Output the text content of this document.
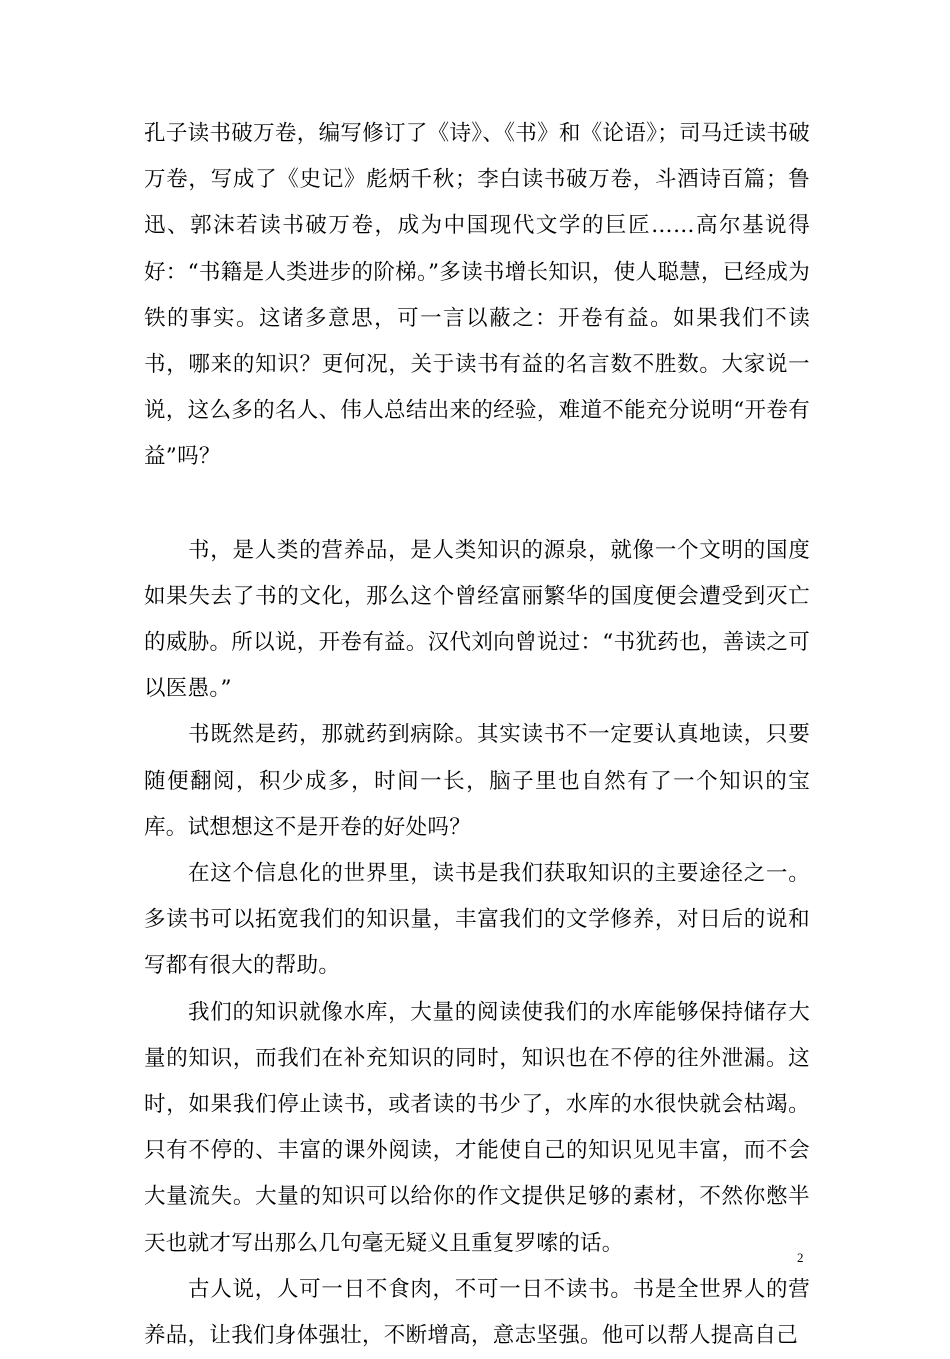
孔子读书破万卷，编写修订了《诗》、《书》和《论语》；司马迁读书破万卷，写成了《史记》彪炳千秋；李白读书破万卷，斗酒诗百篇；鲁迅、郭沫若读书破万卷，成为中国现代文学的巨匠……高尔基说得好：“书籍是人类进步的阶梯。”多读书增长知识，使人聪慧，已经成为铁的事实。这诸多意思，可一言以蔽之：开卷有益。如果我们不读书，哪来的知识？更何况，关于读书有益的名言数不胜数。大家说一说，这么多的名人、伟人总结出来的经验，难道不能充分说明“开卷有益”吗？

书，是人类的营养品，是人类知识的源泉，就像一个文明的国度如果失去了书的文化，那么这个曾经富丽繁华的国度便会遭受到灭亡的威胁。所以说，开卷有益。汉代刘向曾说过：“书犹药也，善读之可以医愚。”

书既然是药，那就药到病除。其实读书不一定要认真地读，只要随便翻阅，积少成多，时间一长，脑子里也自然有了一个知识的宝库。试想想这不是开卷的好处吗？

在这个信息化的世界里，读书是我们获取知识的主要途径之一。多读书可以拓宽我们的知识量，丰富我们的文学修养，对日后的说和写都有很大的帮助。

我们的知识就像水库，大量的阅读使我们的水库能够保持储存大量的知识，而我们在补充知识的同时，知识也在不停的往外泄漏。这时，如果我们停止读书，或者读的书少了，水库的水很快就会枯竭。只有不停的、丰富的课外阅读，才能使自己的知识见见丰富，而不会大量流失。大量的知识可以给你的作文提供足够的素材，不然你憋半天也就才写出那么几句毫无疑义且重复罗嗦的话。

古人说，人可一日不食肉，不可一日不读书。书是全世界人的营养品，让我们身体强壮，不断增高，意志坚强。他可以帮人提高自己

2
